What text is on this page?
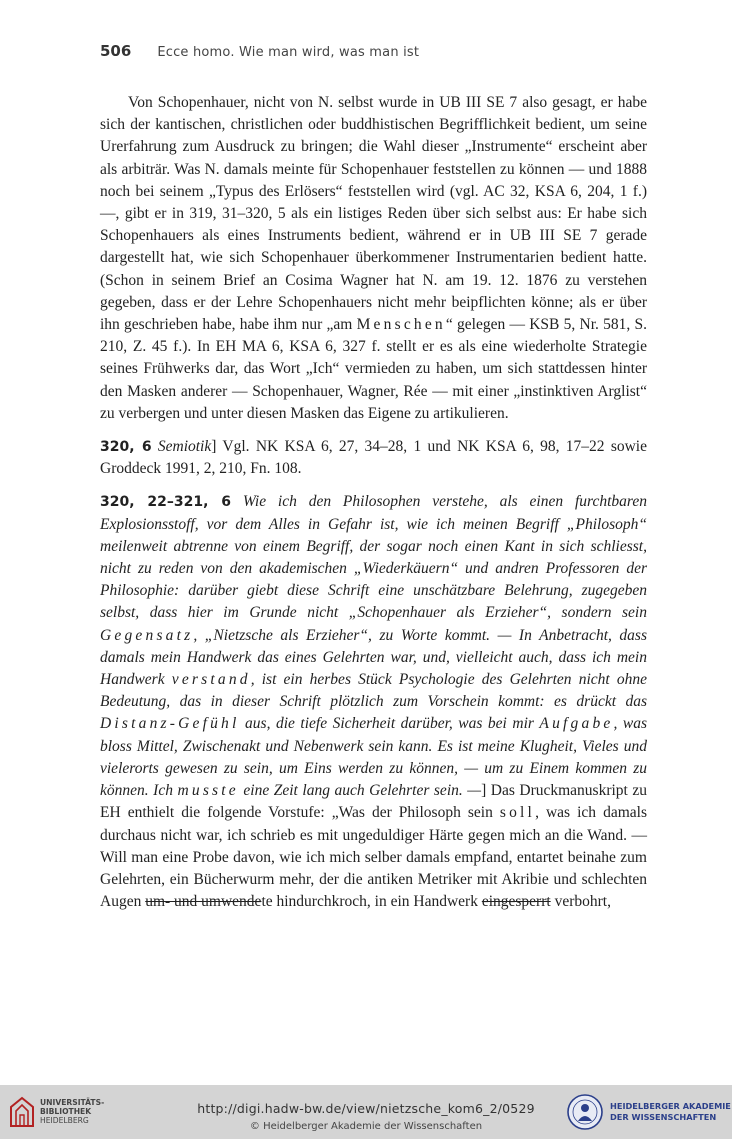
506 Ecce homo. Wie man wird, was man ist

Von Schopenhauer, nicht von N. selbst wurde in UB III SE 7 also gesagt, er habe sich der kantischen, christlichen oder buddhistischen Begrifflichkeit bedient, um seine Urerfahrung zum Ausdruck zu bringen; die Wahl dieser „Instrumente“ erscheint aber als arbiträr. Was N. damals meinte für Schopenhauer feststellen zu können — und 1888 noch bei seinem „Typus des Erlösers“ feststellen wird (vgl. AC 32, KSA 6, 204, 1 f.) —, gibt er in 319, 31–320, 5 als ein listiges Reden über sich selbst aus: Er habe sich Schopenhauers als eines Instruments bedient, während er in UB III SE 7 gerade dargestellt hat, wie sich Schopenhauer überkommener Instrumentarien bedient hatte. (Schon in seinem Brief an Cosima Wagner hat N. am 19. 12. 1876 zu verstehen gegeben, dass er der Lehre Schopenhauers nicht mehr beipflichten könne; als er über ihn geschrieben habe, habe ihm nur „am Menschen“ gelegen — KSB 5, Nr. 581, S. 210, Z. 45 f.). In EH MA 6, KSA 6, 327 f. stellt er es als eine wiederholte Strategie seines Frühwerks dar, das Wort „Ich“ vermieden zu haben, um sich stattdessen hinter den Masken anderer — Schopenhauer, Wagner, Rée — mit einer „instinktiven Arglist“ zu verbergen und unter diesen Masken das Eigene zu artikulieren.

320, 6 Semiotik] Vgl. NK KSA 6, 27, 34–28, 1 und NK KSA 6, 98, 17–22 sowie Groddeck 1991, 2, 210, Fn. 108.

320, 22–321, 6 Wie ich den Philosophen verstehe, als einen furchtbaren Explosionsstoff, vor dem Alles in Gefahr ist, wie ich meinen Begriff „Philosoph“ meilenweit abtrenne von einem Begriff, der sogar noch einen Kant in sich schliesst, nicht zu reden von den akademischen „Wiederkäuern“ und andren Professoren der Philosophie: darüber giebt diese Schrift eine unschätzbare Belehrung, zugegeben selbst, dass hier im Grunde nicht „Schopenhauer als Erzieher“, sondern sein Gegensatz, „Nietzsche als Erzieher“, zu Worte kommt. — In Anbetracht, dass damals mein Handwerk das eines Gelehrten war, und, vielleicht auch, dass ich mein Handwerk verstand, ist ein herbes Stück Psychologie des Gelehrten nicht ohne Bedeutung, das in dieser Schrift plötzlich zum Vorschein kommt: es drückt das Distanz-Gefühl aus, die tiefe Sicherheit darüber, was bei mir Aufgabe, was bloss Mittel, Zwischenakt und Nebenwerk sein kann. Es ist meine Klugheit, Vieles und vielerorts gewesen zu sein, um Eins werden zu können, — um zu Einem kommen zu können. Ich musste eine Zeit lang auch Gelehrter sein. —] Das Druckmanuskript zu EH enthielt die folgende Vorstufe: „Was der Philosoph sein soll, was ich damals durchaus nicht war, ich schrieb es mit ungeduldiger Härte gegen mich an die Wand. — Will man eine Probe davon, wie ich mich selber damals empfand, entartet beinahe zum Gelehrten, ein Bücherwurm mehr, der die antiken Metriker mit Akribie und schlechten Augen um- und umwendete hindurchkroch, in ein Handwerk eingesperrt verbohrt,

UNIVERSITÄTS-
BIBLIOTHEK
HEIDELBERG
http://digi.hadw-bw.de/view/nietzsche_kom6_2/0529
© Heidelberger Akademie der Wissenschaften
HEIDELBERGER AKADEMIE
DER WISSENSCHAFTEN
